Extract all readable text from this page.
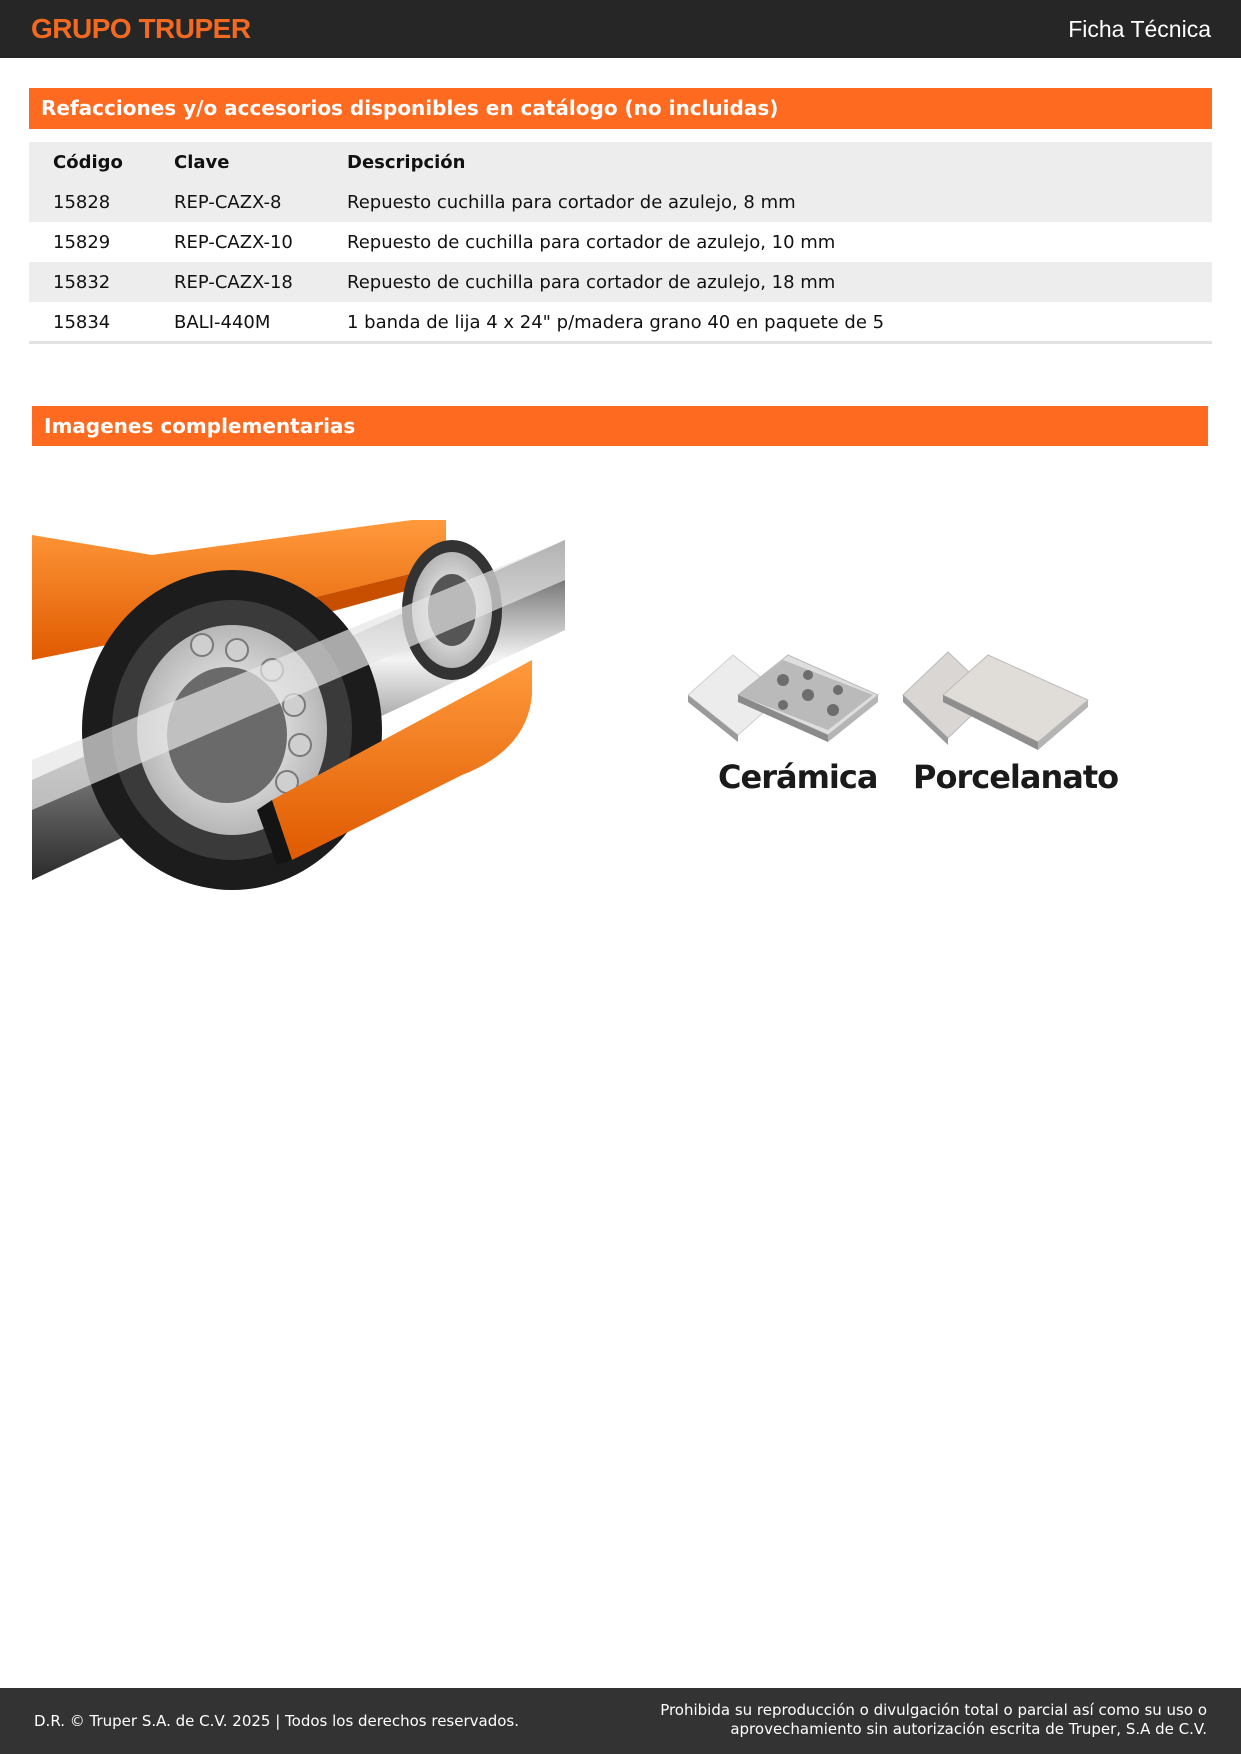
GRUPO TRUPER	Ficha Técnica
Refacciones y/o accesorios disponibles en catálogo (no incluidas)
Código	Clave	Descripción
15828	REP-CAZX-8	Repuesto cuchilla para cortador de azulejo, 8 mm
15829	REP-CAZX-10	Repuesto de cuchilla para cortador de azulejo, 10 mm
15832	REP-CAZX-18	Repuesto de cuchilla para cortador de azulejo, 18 mm
15834	BALI-440M	1 banda de lija 4 x 24" p/madera grano 40 en paquete de 5
Imagenes complementarias
Cerámica Porcelanato
D.R. © Truper S.A. de C.V. 2025 | Todos los derechos reservados.
Prohibida su reproducción o divulgación total o parcial así como su uso o
aprovechamiento sin autorización escrita de Truper, S.A de C.V.
